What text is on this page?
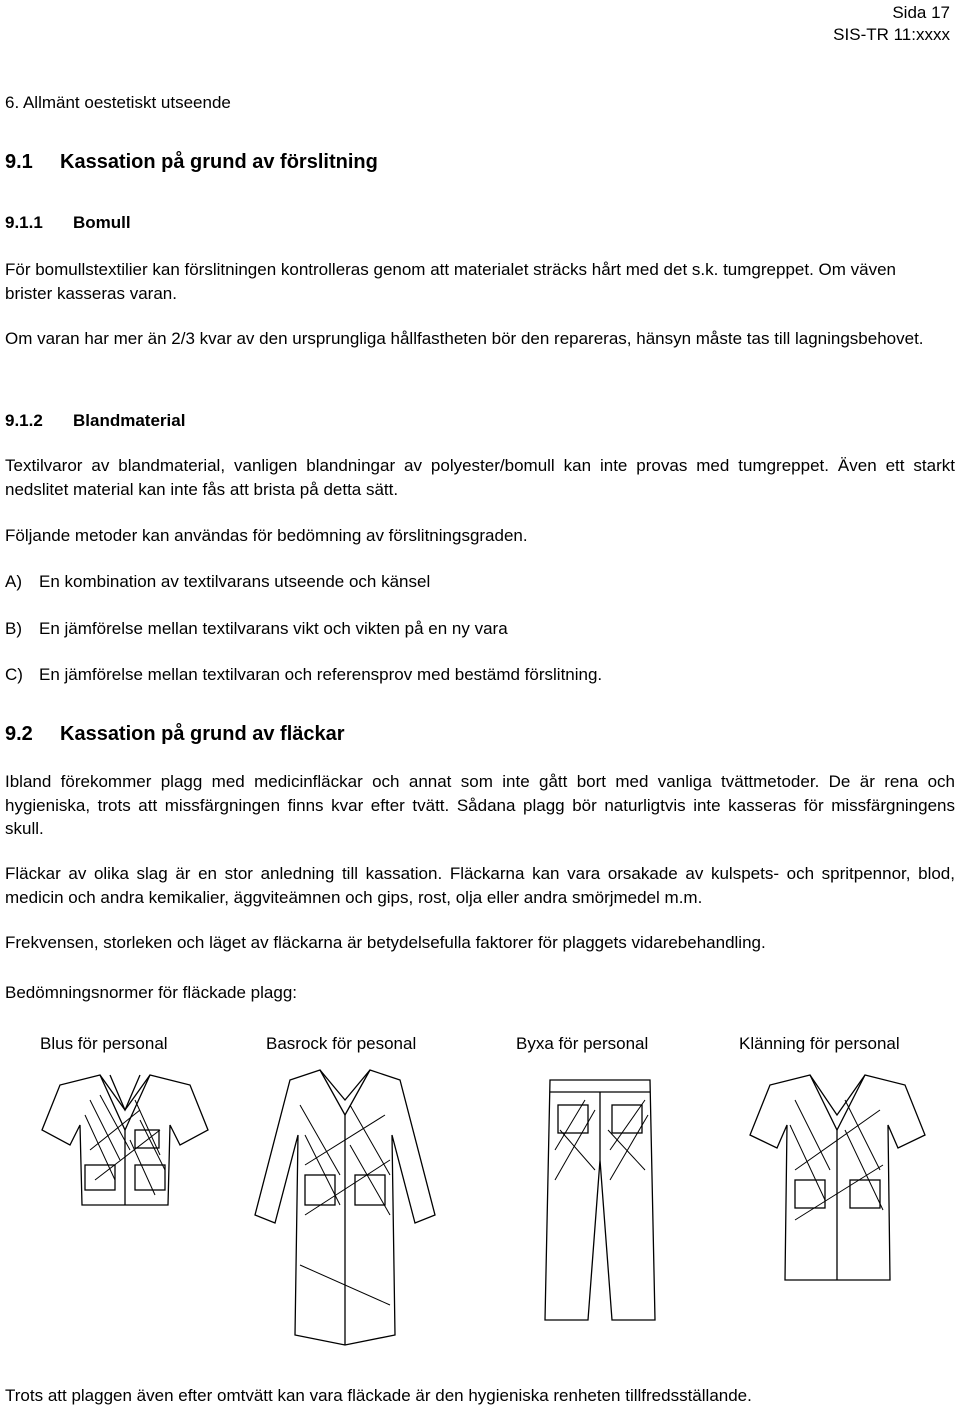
Sida 17
SIS-TR 11:xxxx
6. Allmänt oestetiskt utseende
9.1 Kassation på grund av förslitning
9.1.1 Bomull
För bomullstextilier kan förslitningen kontrolleras genom att materialet sträcks hårt med det s.k. tumgreppet. Om väven brister kasseras varan.
Om varan har mer än 2/3 kvar av den ursprungliga hållfastheten bör den repareras, hänsyn måste tas till lagningsbehovet.
9.1.2 Blandmaterial
Textilvaror av blandmaterial, vanligen blandningar av polyester/bomull kan inte provas med tumgreppet. Även ett starkt nedslitet material kan inte fås att brista på detta sätt.
Följande metoder kan användas för bedömning av förslitningsgraden.
A) En kombination av textilvarans utseende och känsel
B) En jämförelse mellan textilvarans vikt och vikten på en ny vara
C) En jämförelse mellan textilvaran och referensprov med bestämd förslitning.
9.2 Kassation på grund av fläckar
Ibland förekommer plagg med medicinfläckar och annat som inte gått bort med vanliga tvättmetoder. De är rena och hygieniska, trots att missfärgningen finns kvar efter tvätt. Sådana plagg bör naturligtvis inte kasseras för missfärgningens skull.
Fläckar av olika slag är en stor anledning till kassation. Fläckarna kan vara orsakade av kulspets- och spritpennor, blod, medicin och andra kemikalier, äggviteämnen och gips, rost, olja eller andra smörjmedel m.m.
Frekvensen, storleken och läget av fläckarna är betydelsefulla faktorer för plaggets vidarebehandling.
Bedömningsnormer för fläckade plagg:
Blus för personal	Basrock för pesonal	Byxa för personal	Klänning för personal
Trots att plaggen även efter omtvätt kan vara fläckade är den hygieniska renheten tillfredsställande.
